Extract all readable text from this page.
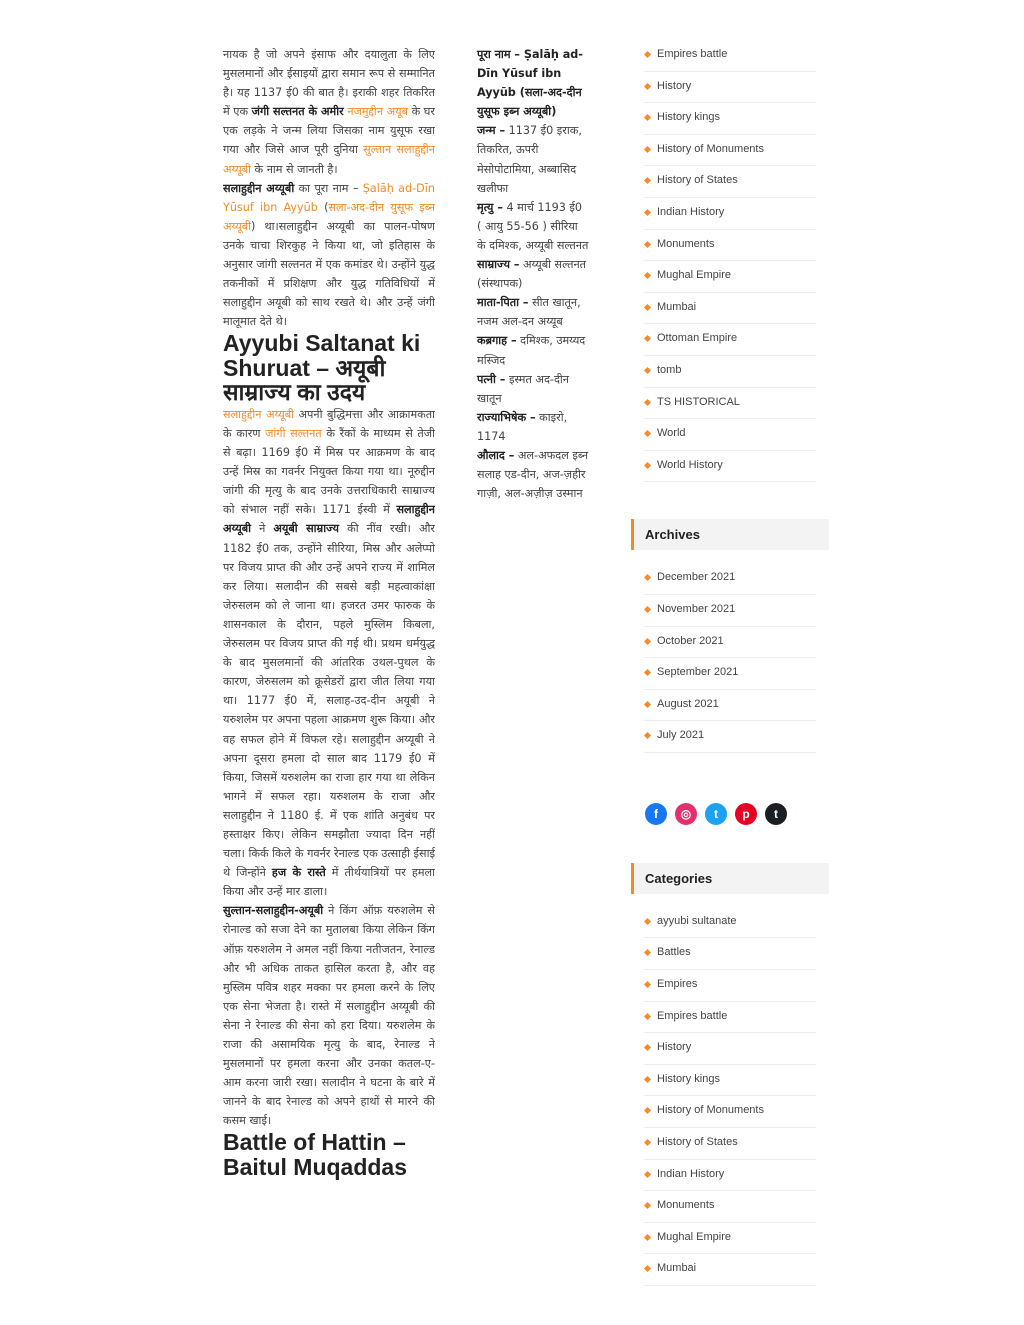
नायक है जो अपने इंसाफ और दयालुता के लिए मुसलमानों और ईसाइयों द्वारा समान रूप से सम्मानित है। यह 1137 ई0 की बात है। इराकी शहर तिकरित में एक जंगी सल्तनत के अमीर नजमुद्दीन अयूब के घर एक लड़के ने जन्म लिया जिसका नाम युसूफ रखा गया और जिसे आज पूरी दुनिया सुल्तान सलाहुद्दीन अय्यूबी के नाम से जानती है।

सलाहुद्दीन अय्यूबी का पूरा नाम – Ṣalāḥ ad-Dīn Yūsuf ibn Ayyūb (सला-अद-दीन युसूफ इब्न अय्यूबी) था।सलाहुद्दीन अय्यूबी का पालन-पोषण उनके चाचा शिरकुह ने किया था, जो इतिहास के अनुसार जांगी सल्तनत में एक कमांडर थे। उन्होंने युद्ध तकनीकों में प्रशिक्षण और युद्ध गतिविधियों में सलाहुद्दीन अयूबी को साथ रखते थे। और उन्हें जंगी मालूमात देते थे।

Ayyubi Saltanat ki Shuruat – अयूबी साम्राज्य का उदय

सलाहुद्दीन अय्यूबी अपनी बुद्धिमत्ता और आक्रामकता के कारण जांगी सल्तनत के रैंकों के माध्यम से तेजी से बढ़ा। 1169 ई0 में मिस्र पर आक्रमण के बाद उन्हें मिस्र का गवर्नर नियुक्त किया गया था। नूरुद्दीन जांगी की मृत्यु के बाद उनके उत्तराधिकारी साम्राज्य को संभाल नहीं सके। 1171 ईस्वी में सलाहुद्दीन अय्यूबी ने अयूबी साम्राज्य की नींव रखी। और 1182 ई0 तक, उन्होंने सीरिया, मिस्र और अलेप्पो पर विजय प्राप्त की और उन्हें अपने राज्य में शामिल कर लिया। सलादीन की सबसे बड़ी महत्वाकांक्षा जेरुसलम को ले जाना था। हजरत उमर फारुक के शासनकाल के दौरान, पहले मुस्लिम किबला, जेरुसलम पर विजय प्राप्त की गई थी। प्रथम धर्मयुद्ध के बाद मुसलमानों की आंतरिक उथल-पुथल के कारण, जेरुसलम को क्रूसेडरों द्वारा जीत लिया गया था। 1177 ई0 में, सलाह-उद-दीन अयूबी ने यरुशलेम पर अपना पहला आक्रमण शुरू किया। और वह सफल होने में विफल रहे। सलाहुद्दीन अय्यूबी ने अपना दूसरा हमला दो साल बाद 1179 ई0 में किया, जिसमें यरुशलेम का राजा हार गया था लेकिन भागने में सफल रहा। यरुशलम के राजा और सलाहुद्दीन ने 1180 ई. में एक शांति अनुबंध पर हस्ताक्षर किए। लेकिन समझौता ज्यादा दिन नहीं चला। किर्क किले के गवर्नर रेनाल्ड एक उत्साही ईसाई थे जिन्होंने हज के रास्ते में तीर्थयात्रियों पर हमला किया और उन्हें मार डाला।

सुल्तान-सलाहुद्दीन-अयूबी ने किंग ऑफ़ यरुशलेम से रोनाल्ड को सजा देने का मुतालबा किया लेकिन किंग ऑफ़ यरुशलेम ने अमल नहीं किया नतीजतन, रेनाल्ड और भी अधिक ताकत हासिल करता है, और वह मुस्लिम पवित्र शहर मक्का पर हमला करने के लिए एक सेना भेजता है। रास्ते में सलाहुद्दीन अय्यूबी की सेना ने रेनाल्ड की सेना को हरा दिया। यरुशलेम के राजा की असामयिक मृत्यु के बाद, रेनाल्ड ने मुसलमानों पर हमला करना और उनका कतल-ए-आम करना जारी रखा। सलादीन ने घटना के बारे में जानने के बाद रेनाल्ड को अपने हाथों से मारने की कसम खाई।

Battle of Hattin – Baitul Muqaddas

पूरा नाम – Ṣalāḥ ad-Dīn Yūsuf ibn Ayyūb (सला-अद-दीन युसूफ इब्न अय्यूबी)

जन्म – 1137 ई0 इराक, तिकरित, ऊपरी मेसोपोटामिया, अब्बासिद खलीफा

मृत्यु – 4 मार्च 1193 ई0 ( आयु 55-56 ) सीरिया के दमिश्क, अय्यूबी सल्तनत

साम्राज्य – अय्यूबी सल्तनत (संस्थापक)

माता-पिता – सीत खातून, नजम अल-दन अय्यूब

कब्रगाह – दमिश्क, उमय्यद मस्जिद

पत्नी – इस्मत अद-दीन खातून

राज्याभिषेक – काइरो, 1174

औलाद – अल-अफदल इब्न सलाह एड-दीन, अज-ज़हीर गाज़ी, अल-अज़ीज़ उस्मान

Empires battle
History
History kings
History of Monuments
History of States
Indian History
Monuments
Mughal Empire
Mumbai
Ottoman Empire
tomb
TS HISTORICAL
World
World History
Archives
December 2021
November 2021
October 2021
September 2021
August 2021
July 2021
f	◎	t	p	t
Categories
ayyubi sultanate
Battles
Empires
Empires battle
History
History kings
History of Monuments
History of States
Indian History
Monuments
Mughal Empire
Mumbai
